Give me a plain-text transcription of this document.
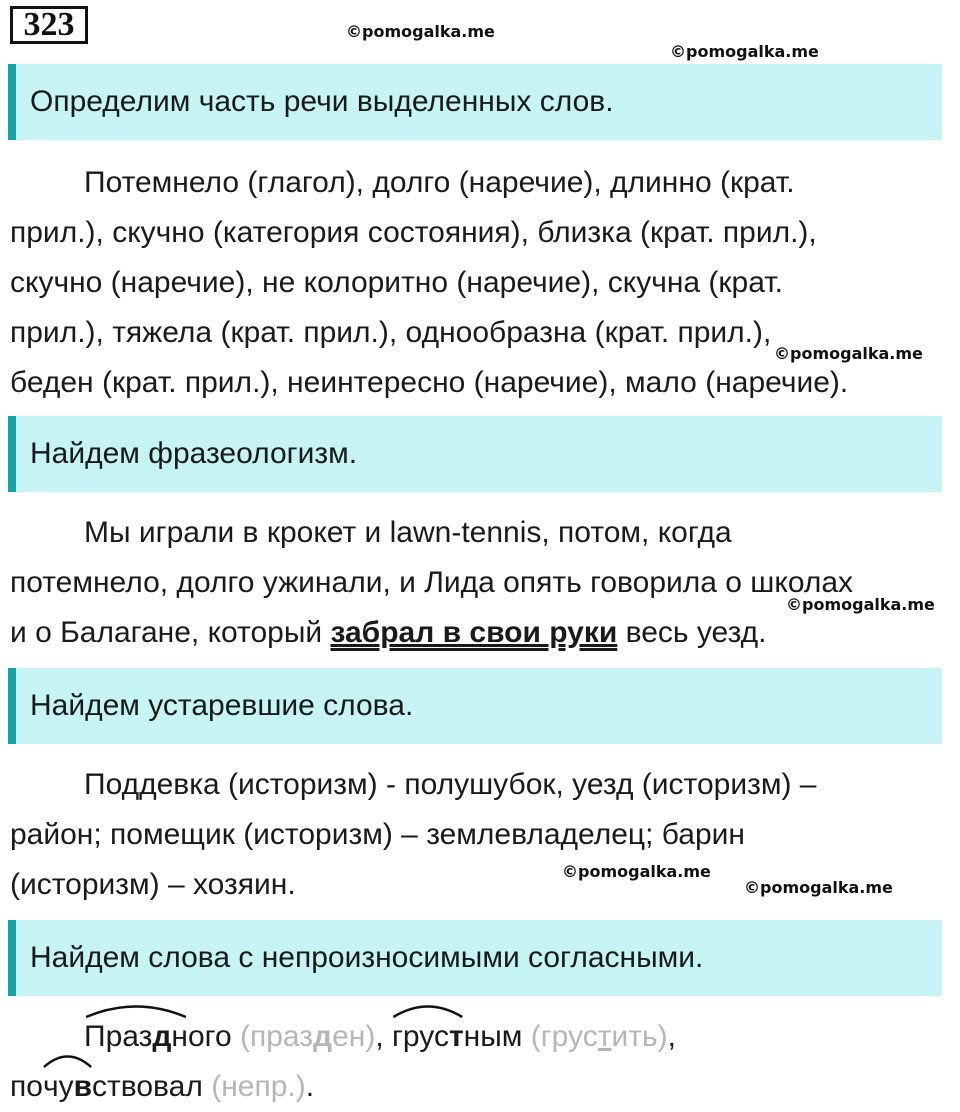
323	©pomogalka.me
©pomogalka.me
©pomogalka.me
©pomogalka.me
©pomogalka.me
©pomogalka.me
Определим часть речи выделенных слов.
Потемнело (глагол), долго (наречие), длинно (крат.
прил.), скучно (категория состояния), близка (крат. прил.),
скучно (наречие), не колоритно (наречие), скучна (крат.
прил.), тяжела (крат. прил.), однообразна (крат. прил.),
беден (крат. прил.), неинтересно (наречие), мало (наречие).
Найдем фразеологизм.
Мы играли в крокет и lawn-tennis, потом, когда
потемнело, долго ужинали, и Лида опять говорила о школах
и о Балагане, который забрал в свои руки весь уезд.
Найдем устаревшие слова.
Поддевка (историзм) - полушубок, уезд (историзм) –
район; помещик (историзм) – землевладелец; барин
(историзм) – хозяин.
Найдем слова с непроизносимыми согласными.
Праздного (празден),
грустным (грустить),
по
чувствовал (непр.).
